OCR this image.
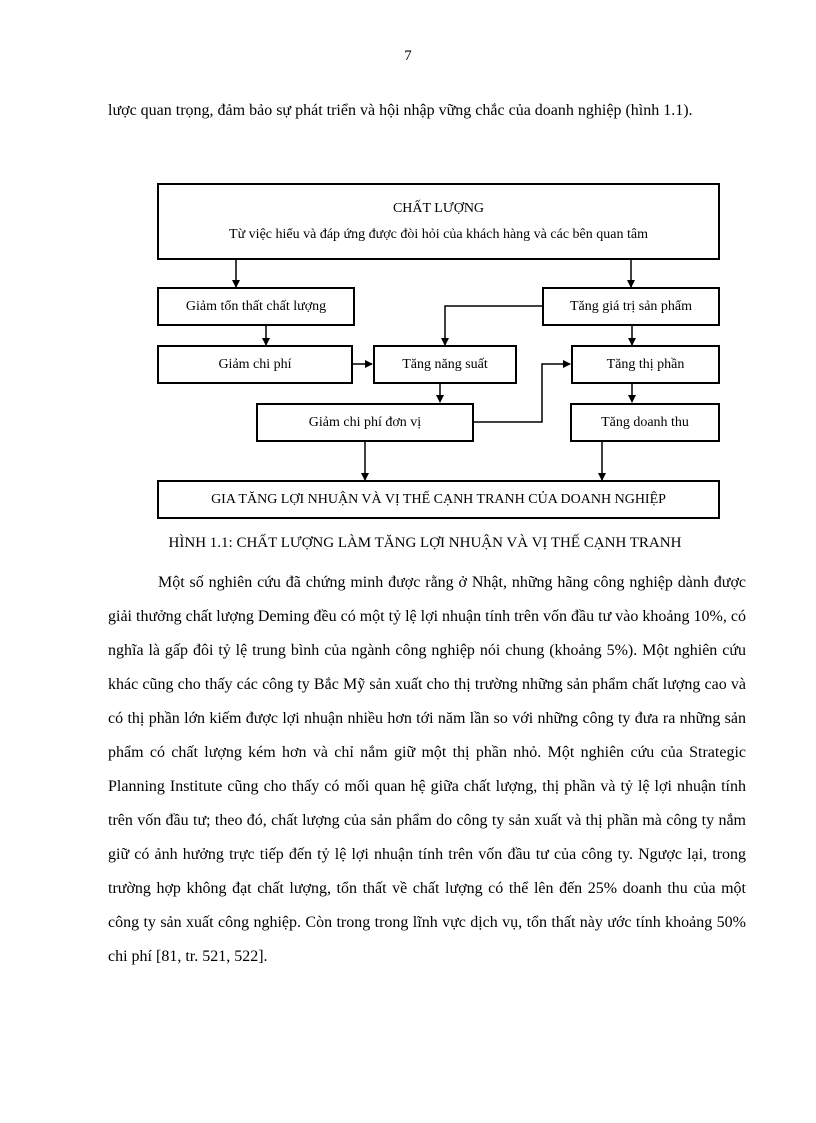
7

lược quan trọng, đảm bảo sự phát triển và hội nhập vững chắc của doanh nghiệp (hình 1.1).

CHẤT LƯỢNG
Từ việc hiểu và đáp ứng được đòi hỏi của khách hàng và các bên quan tâm
Giảm tổn thất chất lượng	Tăng giá trị sản phẩm
Giảm chi phí	Tăng năng suất	Tăng thị phần
Giảm chi phí đơn vị	Tăng doanh thu
GIA TĂNG LỢI NHUẬN VÀ VỊ THẾ CẠNH TRANH CỦA DOANH NGHIỆP
HÌNH 1.1: CHẤT LƯỢNG LÀM TĂNG LỢI NHUẬN VÀ VỊ THẾ CẠNH TRANH

Một số nghiên cứu đã chứng minh được rằng ở Nhật, những hãng công nghiệp dành được giải thưởng chất lượng Deming đều có một tỷ lệ lợi nhuận tính trên vốn đầu tư vào khoảng 10%, có nghĩa là gấp đôi tỷ lệ trung bình của ngành công nghiệp nói chung (khoảng 5%). Một nghiên cứu khác cũng cho thấy các công ty Bắc Mỹ sản xuất cho thị trường những sản phẩm chất lượng cao và có thị phần lớn kiếm được lợi nhuận nhiều hơn tới năm lần so với những công ty đưa ra những sản phẩm có chất lượng kém hơn và chỉ nắm giữ một thị phần nhỏ. Một nghiên cứu của Strategic Planning Institute cũng cho thấy có mối quan hệ giữa chất lượng, thị phần và tỷ lệ lợi nhuận tính trên vốn đầu tư; theo đó, chất lượng của sản phẩm do công ty sản xuất và thị phần mà công ty nắm giữ có ảnh hưởng trực tiếp đến tỷ lệ lợi nhuận tính trên vốn đầu tư của công ty. Ngược lại, trong trường hợp không đạt chất lượng, tổn thất về chất lượng có thể lên đến 25% doanh thu của một công ty sản xuất công nghiệp. Còn trong trong lĩnh vực dịch vụ, tổn thất này ước tính khoảng 50% chi phí [81, tr. 521, 522].
